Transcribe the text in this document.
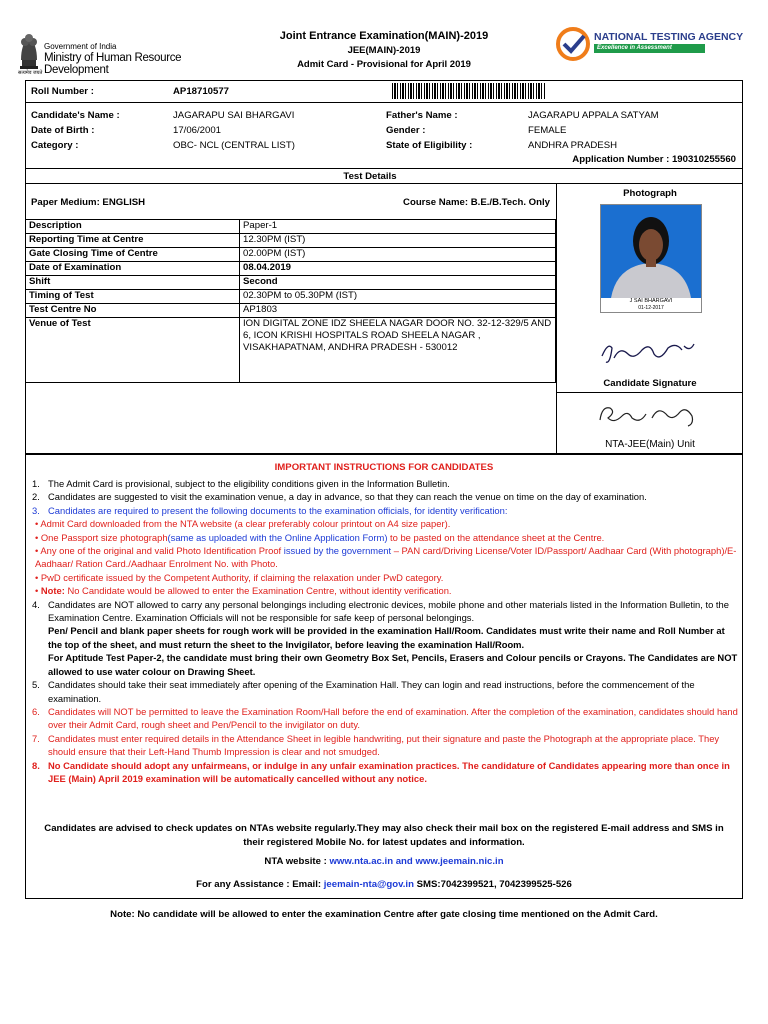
सत्यमेव जयते
Government of India
Ministry of Human Resource Development
Joint Entrance Examination(MAIN)-2019
JEE(MAIN)-2019
Admit Card - Provisional for April 2019
NATIONAL TESTING AGENCY
Excellence in Assessment
Roll Number :	AP18710577
Candidate's Name :	JAGARAPU SAI BHARGAVI	Father's Name :	JAGARAPU APPALA SATYAM
Date of Birth :	17/06/2001	Gender :	FEMALE
Category :	OBC- NCL (CENTRAL LIST)	State of Eligibility :	ANDHRA PRADESH
Application Number : 190310255560
Test Details
Paper Medium: ENGLISH	Course Name: B.E./B.Tech. Only
Description	Paper-1
Reporting Time at Centre	12.30PM (IST)
Gate Closing Time of Centre	02.00PM (IST)
Date of Examination	08.04.2019
Shift	Second
Timing of Test	02.30PM to 05.30PM (IST)
Test Centre No	AP1803
Venue of Test	ION DIGITAL ZONE IDZ SHEELA NAGAR DOOR NO. 32-12-329/5 AND 6, ICON KRISHI HOSPITALS ROAD SHEELA NAGAR , VISAKHAPATNAM, ANDHRA PRADESH - 530012
Photograph
J SAI BHARGAVI
01-12-2017
Candidate Signature
NTA-JEE(Main) Unit
IMPORTANT INSTRUCTIONS FOR CANDIDATES

1. The Admit Card is provisional, subject to the eligibility conditions given in the Information Bulletin.

2. Candidates are suggested to visit the examination venue, a day in advance, so that they can reach the venue on time on the day of examination.

3. Candidates are required to present the following documents to the examination officials, for identity verification:

• Admit Card downloaded from the NTA website (a clear preferably colour printout on A4 size paper).

• One Passport size photograph(same as uploaded with the Online Application Form) to be pasted on the attendance sheet at the Centre.

• Any one of the original and valid Photo Identification Proof issued by the government – PAN card/Driving License/Voter ID/Passport/ Aadhaar Card (With photograph)/E-Aadhaar/ Ration Card./Aadhaar Enrolment No. with Photo.

• PwD certificate issued by the Competent Authority, if claiming the relaxation under PwD category.

• Note: No Candidate would be allowed to enter the Examination Centre, without identity verification.

4. Candidates are NOT allowed to carry any personal belongings including electronic devices, mobile phone and other materials listed in the Information Bulletin, to the Examination Centre. Examination Officials will not be responsible for safe keep of personal belongings.

Pen/ Pencil and blank paper sheets for rough work will be provided in the examination Hall/Room. Candidates must write their name and Roll Number at the top of the sheet, and must return the sheet to the Invigilator, before leaving the examination Hall/Room.

For Aptitude Test Paper-2, the candidate must bring their own Geometry Box Set, Pencils, Erasers and Colour pencils or Crayons. The Candidates are NOT allowed to use water colour on Drawing Sheet.

5. Candidates should take their seat immediately after opening of the Examination Hall. They can login and read instructions, before the commencement of the examination.

6. Candidates will NOT be permitted to leave the Examination Room/Hall before the end of examination. After the completion of the examination, candidates should hand over their Admit Card, rough sheet and Pen/Pencil to the invigilator on duty.

7. Candidates must enter required details in the Attendance Sheet in legible handwriting, put their signature and paste the Photograph at the appropriate place. They should ensure that their Left-Hand Thumb Impression is clear and not smudged.

8. No Candidate should adopt any unfairmeans, or indulge in any unfair examination practices. The candidature of Candidates appearing more than once in JEE (Main) April 2019 examination will be automatically cancelled without any notice.

Candidates are advised to check updates on NTAs website regularly.They may also check their mail box on the registered E-mail address and SMS in their registered Mobile No. for latest updates and information.
NTA website : www.nta.ac.in and www.jeemain.nic.in
For any Assistance : Email: jeemain-nta@gov.in SMS:7042399521, 7042399525-526
Note: No candidate will be allowed to enter the examination Centre after gate closing time mentioned on the Admit Card.
